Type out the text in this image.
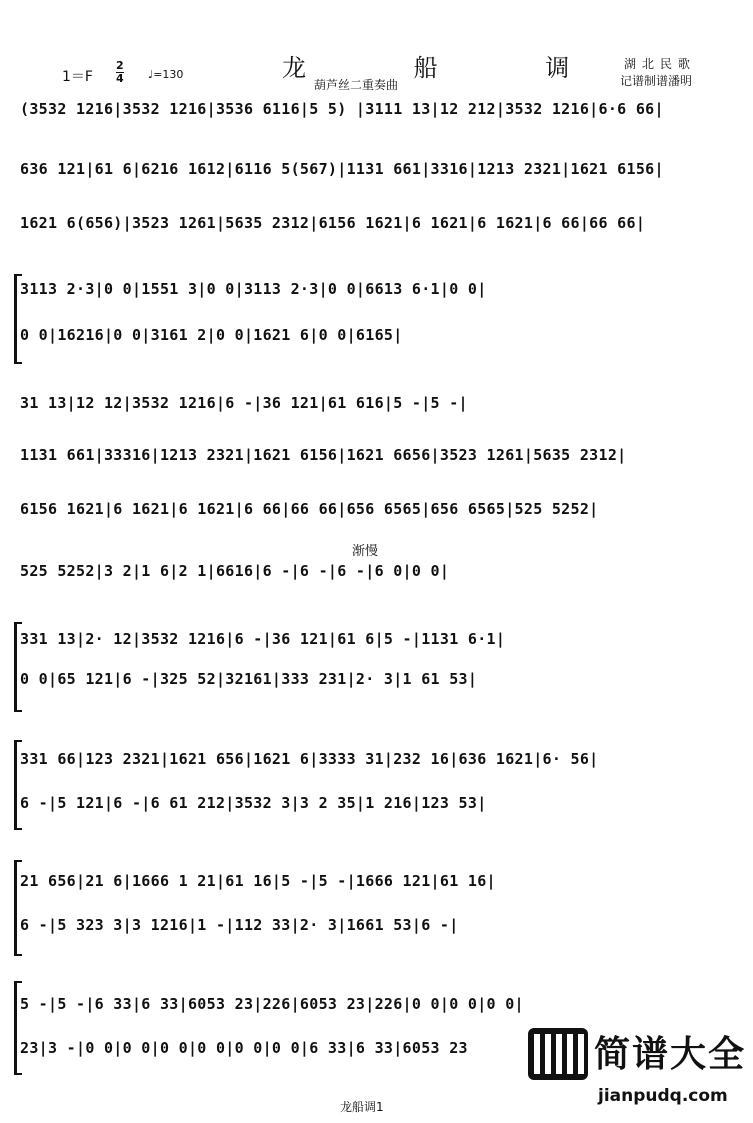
龙 船 调
葫芦丝二重奏曲
1＝F
2
4 ♩=130
湖北民歌
记谱制谱潘明
(3532 1216|3532 1216|3536 6116|5 5) |3111 13|12 212|3532 1216|6·6 66|
636 121|61 6|6216 1612|6116 5(567)|1131 661|3316|1213 2321|1621 6156|
1621 6(656)|3523 1261|5635 2312|6156 1621|6 1621|6 1621|6 66|66 66|
3113 2·3|0 0|1551 3|0 0|3113 2·3|0 0|6613 6·1|0 0|
0 0|16216|0 0|3161 2|0 0|1621 6|0 0|6165|
31 13|12 12|3532 1216|6 -|36 121|61 616|5 -|5 -|
1131 661|33316|1213 2321|1621 6156|1621 6656|3523 1261|5635 2312|
6156 1621|6 1621|6 1621|6 66|66 66|656 6565|656 6565|525 5252|
渐慢
525 5252|3 2|1 6|2 1|6616|6 -|6 -|6 -|6 0|0 0|
331 13|2· 12|3532 1216|6 -|36 121|61 6|5 -|1131 6·1|
0 0|65 121|6 -|325 52|32161|333 231|2· 3|1 61 53|
331 66|123 2321|1621 656|1621 6|3333 31|232 16|636 1621|6· 56|
6 -|5 121|6 -|6 61 212|3532 3|3 2 35|1 216|123 53|
21 656|21 6|1666 1 21|61 16|5 -|5 -|1666 121|61 16|
6 -|5 323 3|3 1216|1 -|112 33|2· 3|1661 53|6 -|
5 -|5 -|6 33|6 33|6053 23|226|6053 23|226|0 0|0 0|0 0|
23|3 -|0 0|0 0|0 0|0 0|0 0|0 0|6 33|6 33|6053 23
龙船调1
简谱大全
jianpudq.com
